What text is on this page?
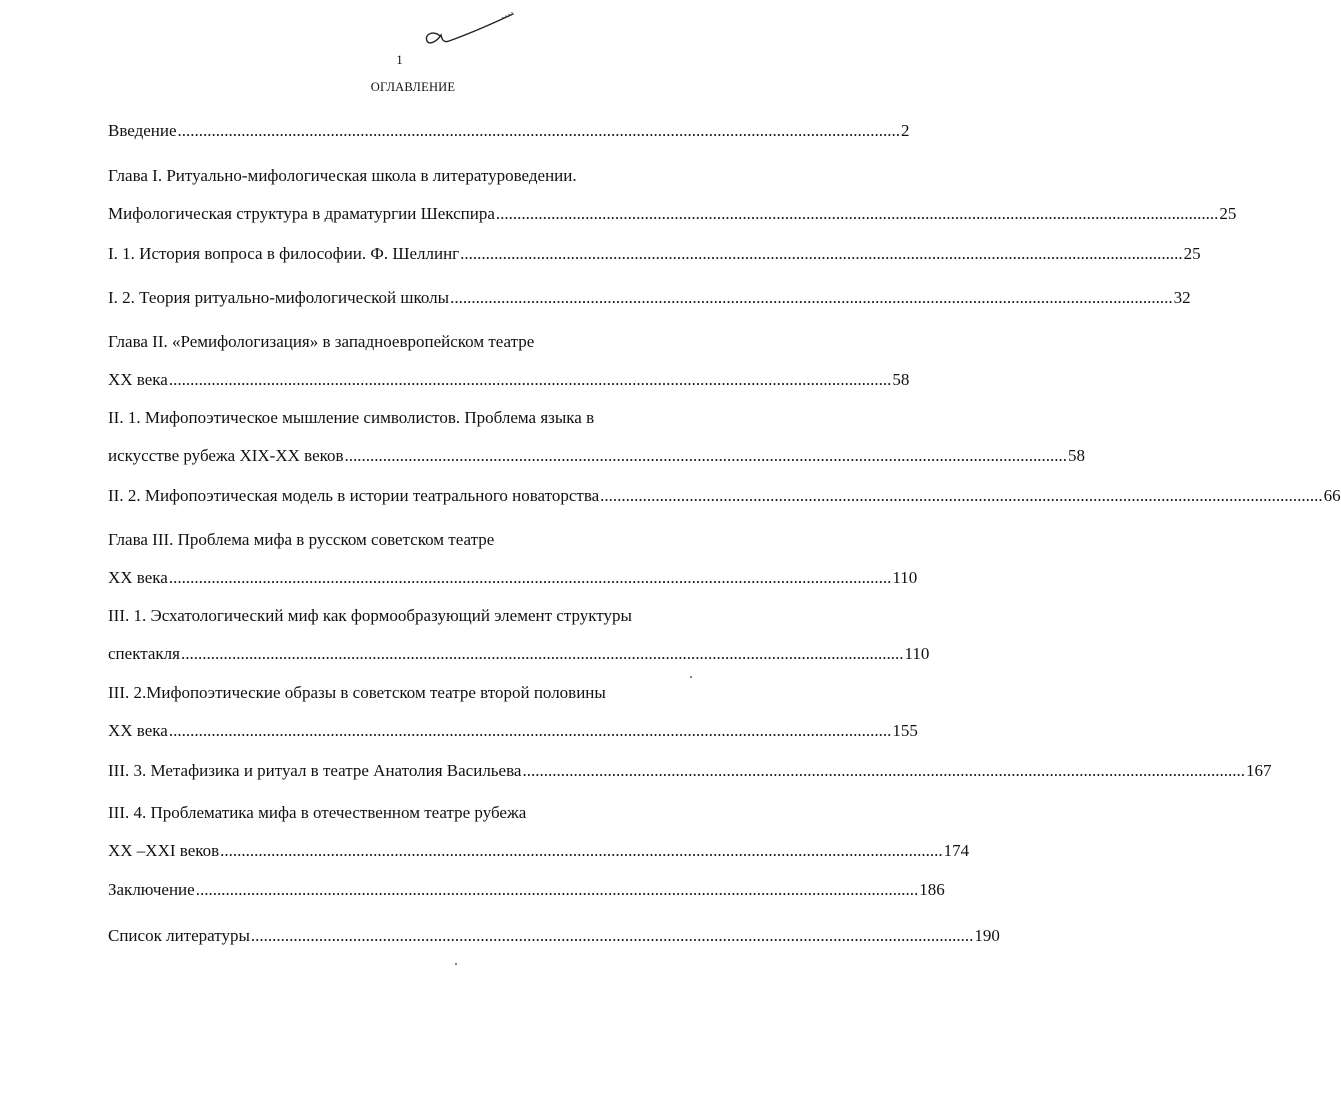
1
ОГЛАВЛЕНИЕ
Введение .......................................................................................................................................................................... 2
Глава I. Ритуально-мифологическая школа в литературоведении.
Мифологическая структура в драматургии Шекспира .......................................................................................................................................................................... 25
I. 1. История вопроса в философии. Ф. Шеллинг .......................................................................................................................................................................... 25
I. 2. Теория ритуально-мифологической школы .......................................................................................................................................................................... 32
Глава II. «Ремифологизация» в западноевропейском театре
XX века .......................................................................................................................................................................... 58
II. 1. Мифопоэтическое мышление символистов. Проблема языка в
искусстве рубежа XIX-XX веков .......................................................................................................................................................................... 58
II. 2. Мифопоэтическая модель в истории театрального новаторства .......................................................................................................................................................................... 66
Глава III. Проблема мифа в русском советском театре
XX века .......................................................................................................................................................................... 110
III. 1. Эсхатологический миф как формообразующий элемент структуры
спектакля .......................................................................................................................................................................... 110
III. 2.Мифопоэтические образы в советском театре второй половины
XX века .......................................................................................................................................................................... 155
III. 3. Метафизика и ритуал в театре Анатолия Васильева .......................................................................................................................................................................... 167
III. 4. Проблематика мифа в отечественном театре рубежа
XX –XXI веков .......................................................................................................................................................................... 174
Заключение .......................................................................................................................................................................... 186
Список литературы .......................................................................................................................................................................... 190
